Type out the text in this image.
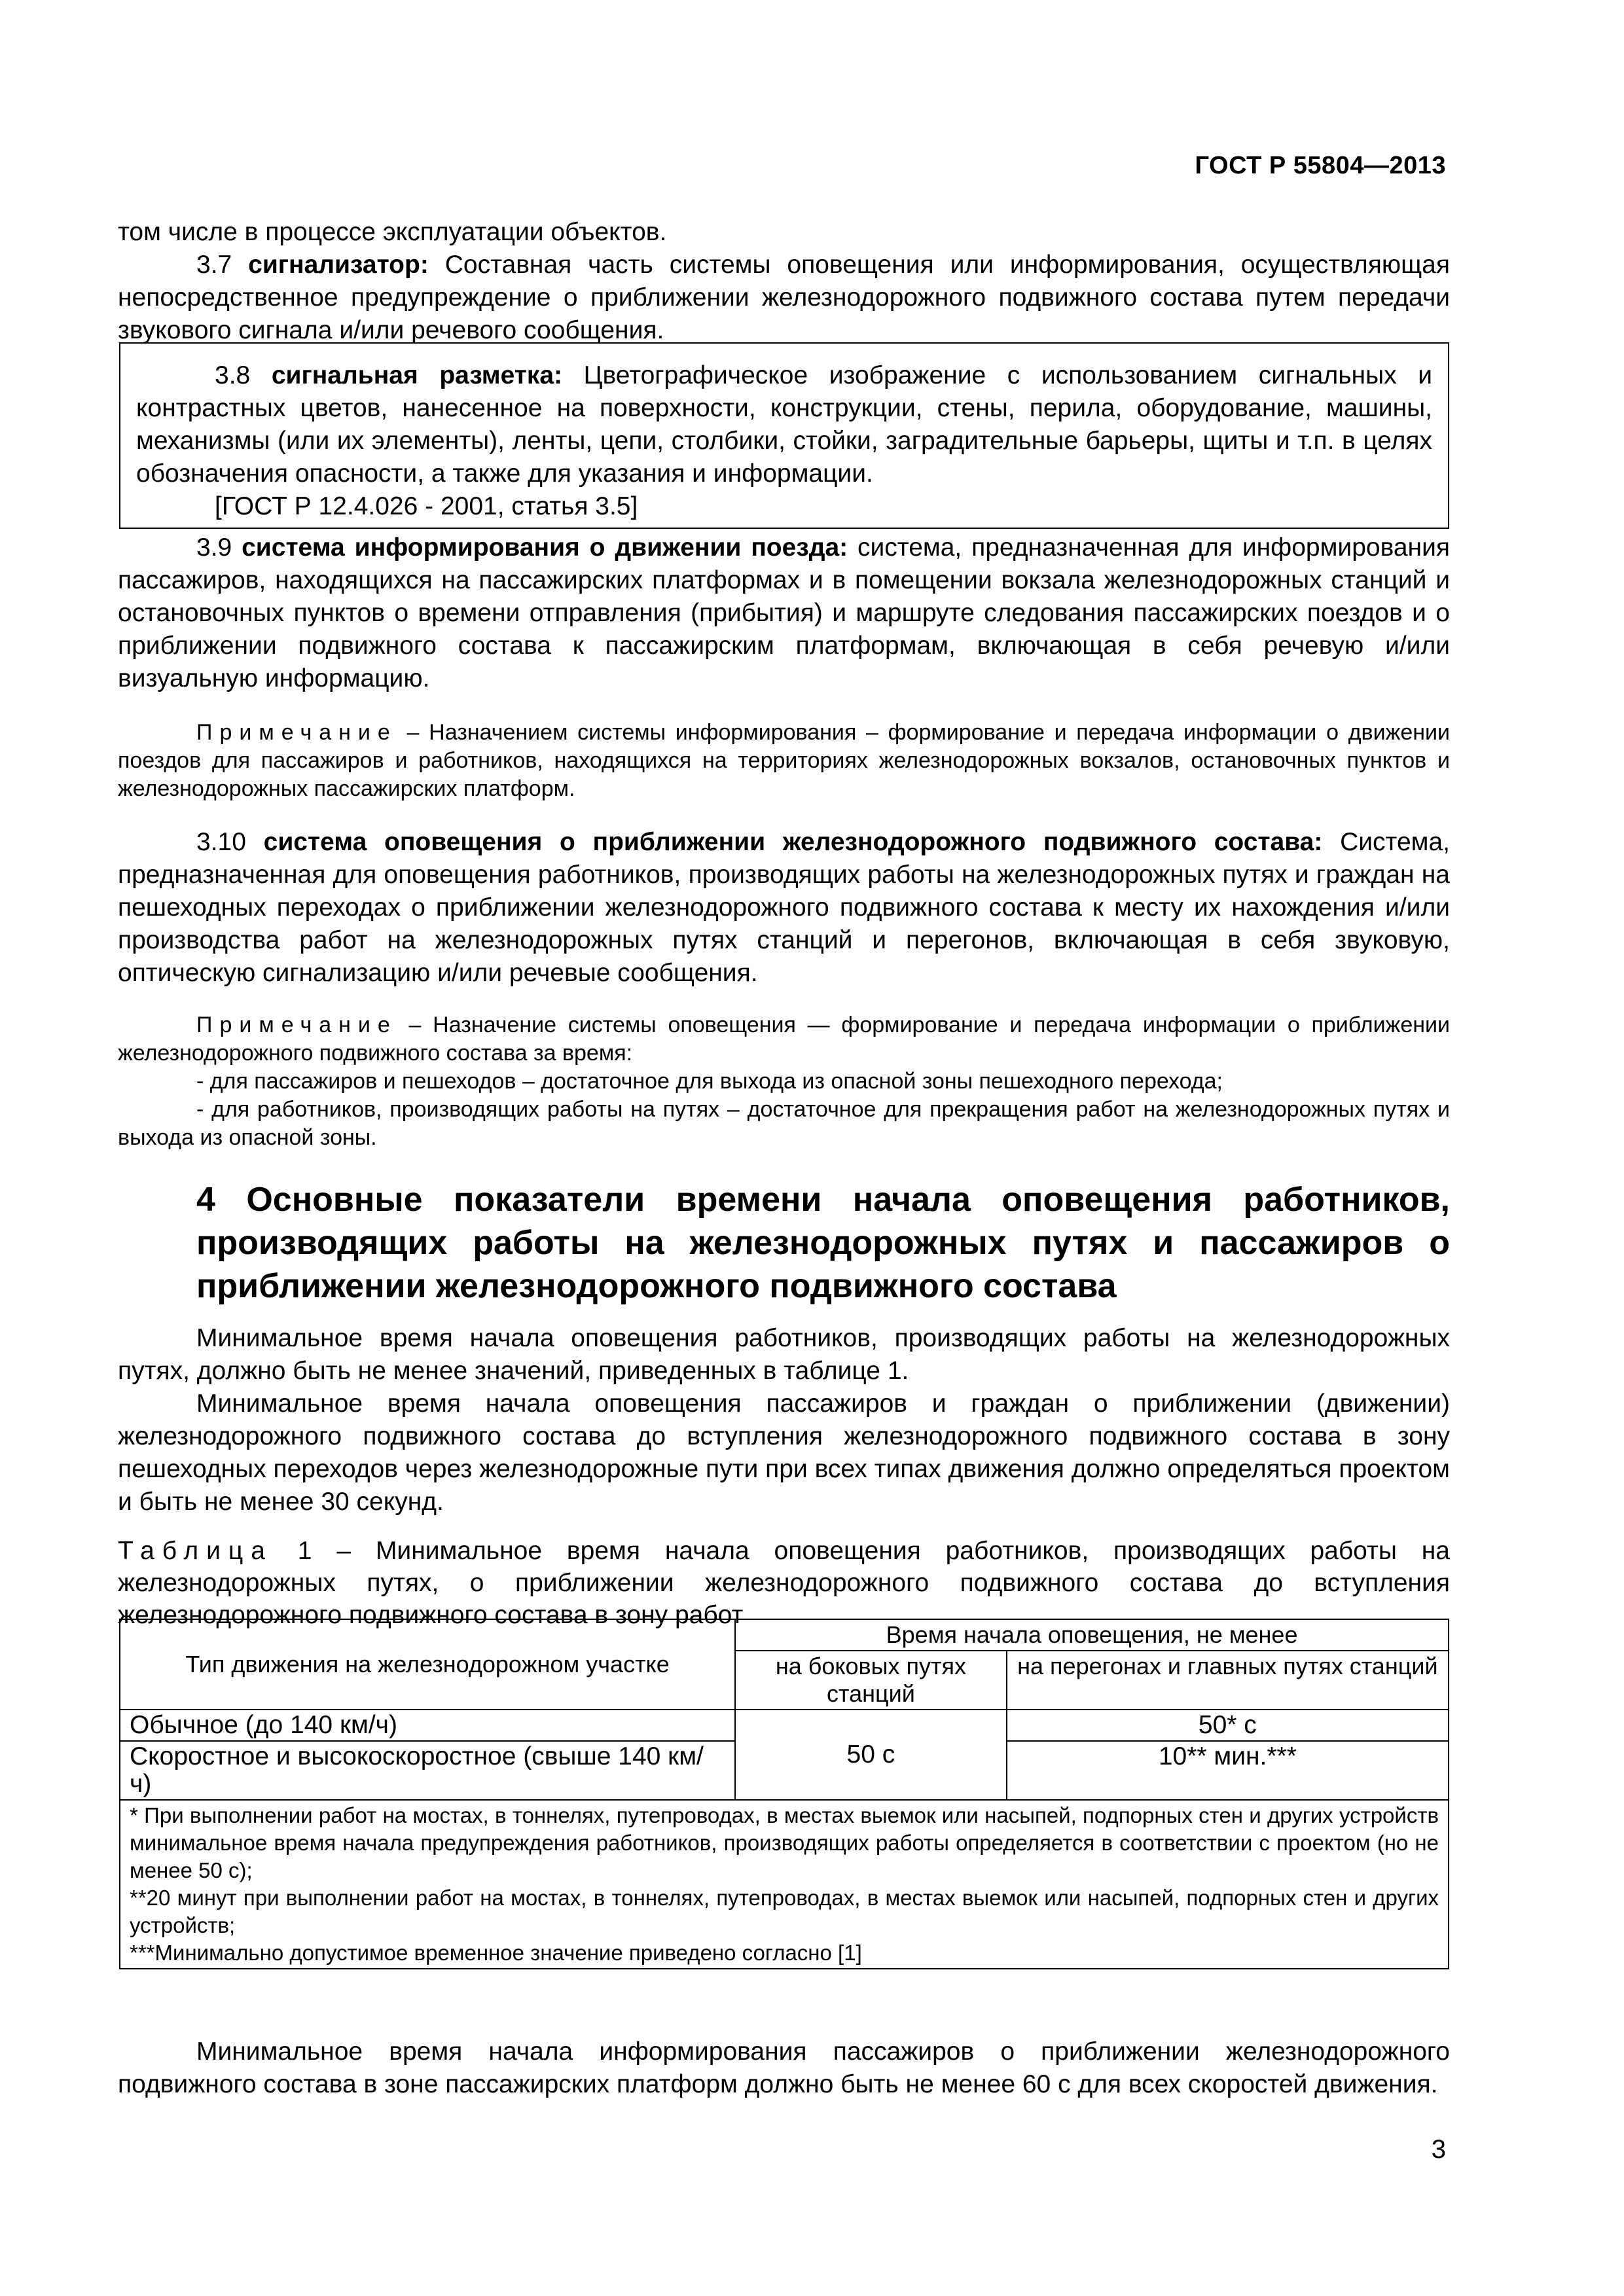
ГОСТ Р 55804—2013

том числе в процессе эксплуатации объектов.

3.7 сигнализатор: Составная часть системы оповещения или информирования, осуществляющая непосредственное предупреждение о приближении железнодорожного подвижного состава путем передачи звукового сигнала и/или речевого сообщения.

3.8 сигнальная разметка: Цветографическое изображение с использованием сигнальных и контрастных цветов, нанесенное на поверхности, конструкции, стены, перила, оборудование, машины, механизмы (или их элементы), ленты, цепи, столбики, стойки, заградительные барьеры, щиты и т.п. в целях обозначения опасности, а также для указания и информации.

[ГОСТ Р 12.4.026 - 2001, статья 3.5]

3.9 система информирования о движении поезда: система, предназначенная для информирования пассажиров, находящихся на пассажирских платформах и в помещении вокзала железнодорожных станций и остановочных пунктов о времени отправления (прибытия) и маршруте следования пассажирских поездов и о приближении подвижного состава к пассажирским платформам, включающая в себя речевую и/или визуальную информацию.

Примечание – Назначением системы информирования – формирование и передача информации о движении поездов для пассажиров и работников, находящихся на территориях железнодорожных вокзалов, остановочных пунктов и железнодорожных пассажирских платформ.

3.10 система оповещения о приближении железнодорожного подвижного состава: Система, предназначенная для оповещения работников, производящих работы на железнодорожных путях и граждан на пешеходных переходах о приближении железнодорожного подвижного состава к месту их нахождения и/или производства работ на железнодорожных путях станций и перегонов, включающая в себя звуковую, оптическую сигнализацию и/или речевые сообщения.

Примечание – Назначение системы оповещения — формирование и передача информации о приближении железнодорожного подвижного состава за время:

- для пассажиров и пешеходов – достаточное для выхода из опасной зоны пешеходного перехода;

- для работников, производящих работы на путях – достаточное для прекращения работ на железнодорожных путях и выхода из опасной зоны.

4 Основные показатели времени начала оповещения работников, производящих работы на железнодорожных путях и пассажиров о приближении железнодорожного подвижного состава

Минимальное время начала оповещения работников, производящих работы на железнодорожных путях, должно быть не менее значений, приведенных в таблице 1.

Минимальное время начала оповещения пассажиров и граждан о приближении (движении) железнодорожного подвижного состава до вступления железнодорожного подвижного состава в зону пешеходных переходов через железнодорожные пути при всех типах движения должно определяться проектом и быть не менее 30 секунд.

Таблица 1 – Минимальное время начала оповещения работников, производящих работы на железнодорожных путях, о приближении железнодорожного подвижного состава до вступления железнодорожного подвижного состава в зону работ
Тип движения на железнодорожном участке	Время начала оповещения, не менее	
	на боковых путях станций	на перегонах и главных путях станций
Обычное (до 140 км/ч)	50 с	50* с
Скоростное и высокоскоростное (свыше 140 км/ч)		10** мин.***

* При выполнении работ на мостах, в тоннелях, путепроводах, в местах выемок или насыпей, подпорных стен и других устройств минимальное время начала предупреждения работников, производящих работы определяется в соответствии с проектом (но не менее 50 с);
**20 минут при выполнении работ на мостах, в тоннелях, путепроводах, в местах выемок или насыпей, подпорных стен и других устройств;
***Минимально допустимое временное значение приведено согласно [1]		

Минимальное время начала информирования пассажиров о приближении железнодорожного подвижного состава в зоне пассажирских платформ должно быть не менее 60 с для всех скоростей движения.

3
